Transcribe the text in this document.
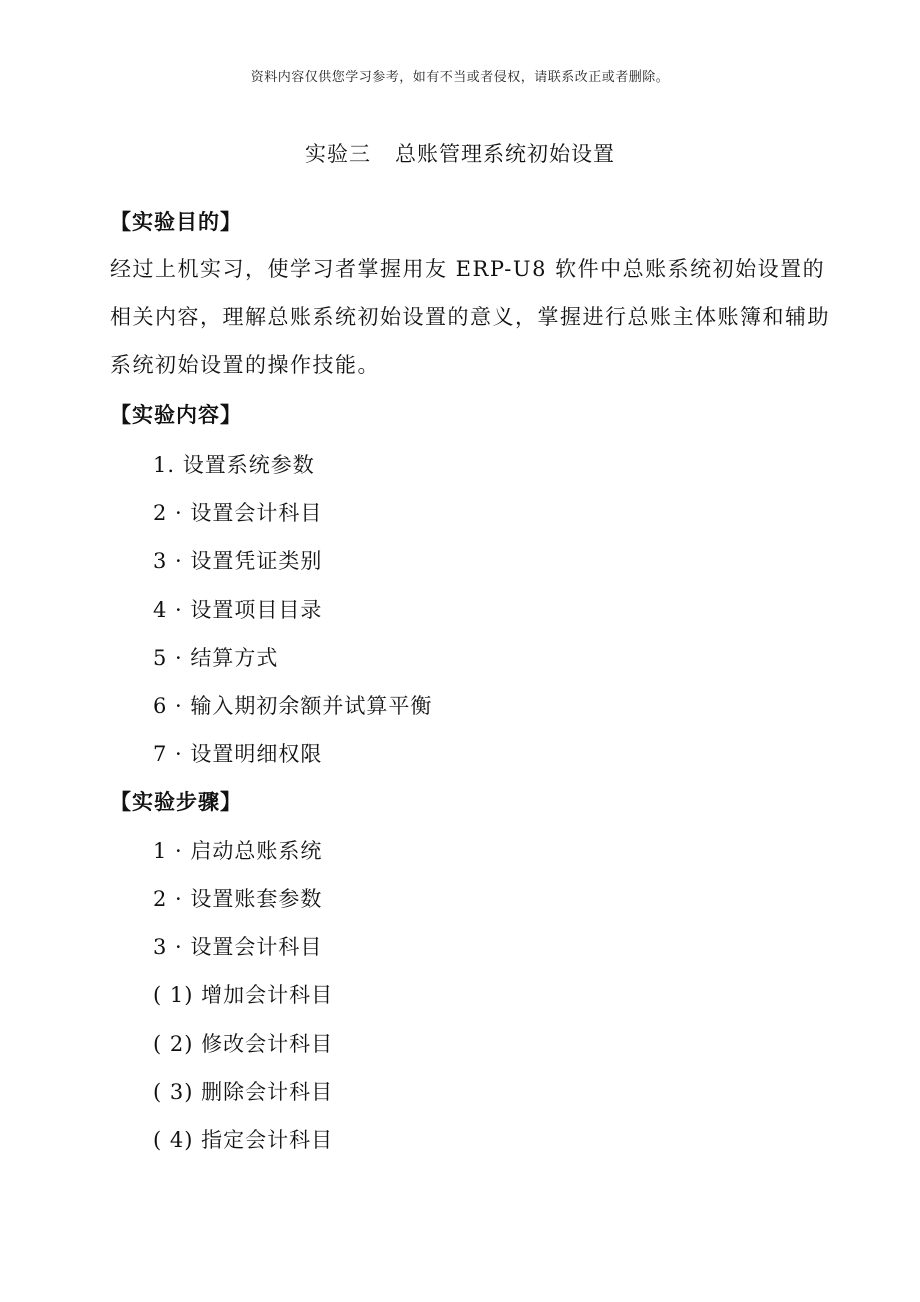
资料内容仅供您学习参考，如有不当或者侵权，请联系改正或者删除。
实验三 总账管理系统初始设置
【实验目的】
经过上机实习，使学习者掌握用友 ERP-U8 软件中总账系统初始设置的
相关内容，理解总账系统初始设置的意义，掌握进行总账主体账簿和辅助
系统初始设置的操作技能。
【实验内容】
1. 设置系统参数
2 · 设置会计科目
3 · 设置凭证类别
4 · 设置项目目录
5 · 结算方式
6 · 输入期初余额并试算平衡
7 · 设置明细权限
【实验步骤】
1 · 启动总账系统
2 · 设置账套参数
3 · 设置会计科目
( 1) 增加会计科目
( 2) 修改会计科目
( 3) 删除会计科目
( 4) 指定会计科目
